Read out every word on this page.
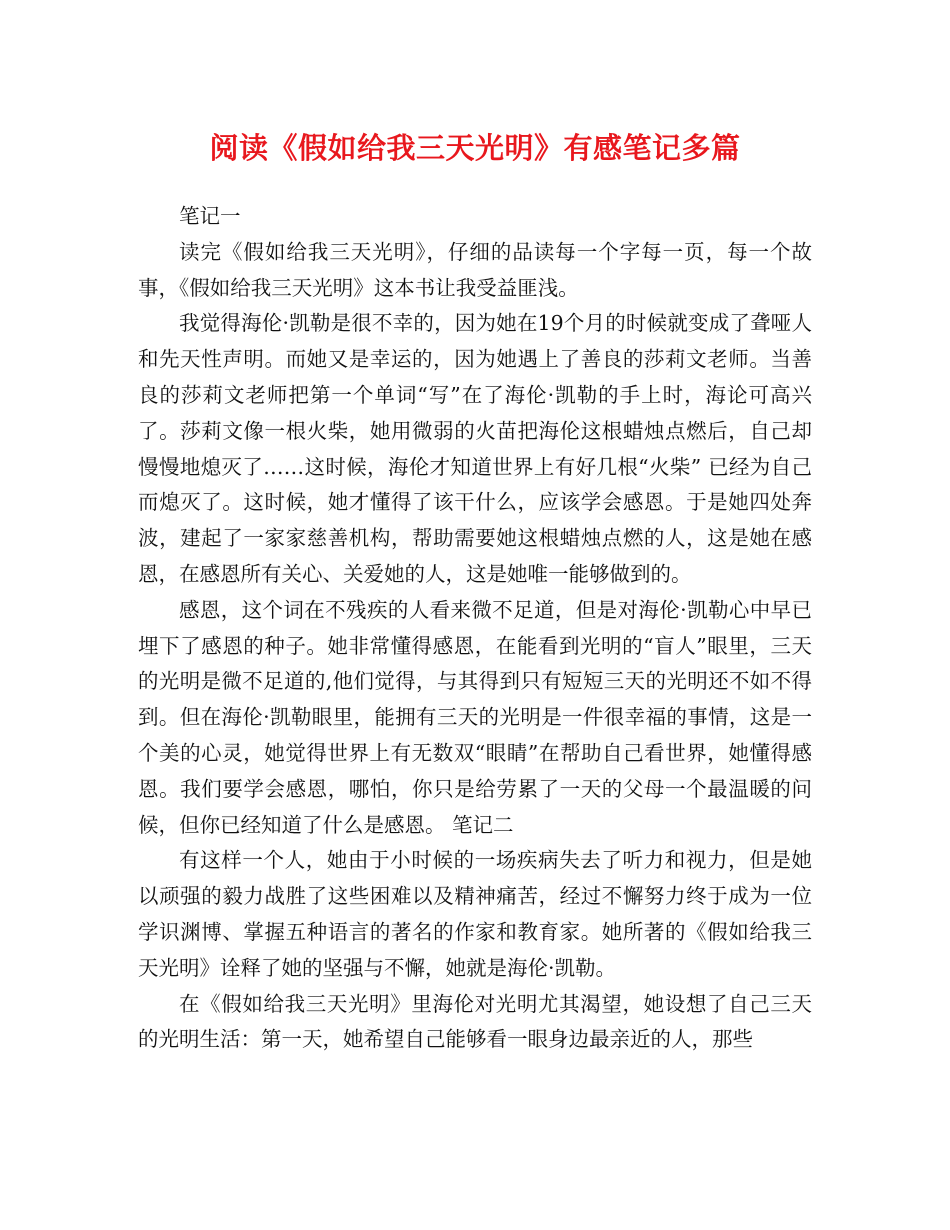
阅读《假如给我三天光明》有感笔记多篇

笔记一

读完《假如给我三天光明》，仔细的品读每一个字每一页，每一个故事，《假如给我三天光明》这本书让我受益匪浅。

我觉得海伦·凯勒是很不幸的，因为她在19个月的时候就变成了聋哑人和先天性声明。而她又是幸运的，因为她遇上了善良的莎莉文老师。当善良的莎莉文老师把第一个单词“写”在了海伦·凯勒的手上时，海论可高兴了。莎莉文像一根火柴，她用微弱的火苗把海伦这根蜡烛点燃后，自己却慢慢地熄灭了……这时候，海伦才知道世界上有好几根“火柴” 已经为自己而熄灭了。这时候，她才懂得了该干什么，应该学会感恩。于是她四处奔波，建起了一家家慈善机构，帮助需要她这根蜡烛点燃的人，这是她在感恩，在感恩所有关心、关爱她的人，这是她唯一能够做到的。

感恩，这个词在不残疾的人看来微不足道，但是对海伦·凯勒心中早已埋下了感恩的种子。她非常懂得感恩，在能看到光明的“盲人”眼里，三天的光明是微不足道的,他们觉得，与其得到只有短短三天的光明还不如不得到。但在海伦·凯勒眼里，能拥有三天的光明是一件很幸福的事情，这是一个美的心灵，她觉得世界上有无数双“眼睛”在帮助自己看世界，她懂得感恩。我们要学会感恩，哪怕，你只是给劳累了一天的父母一个最温暖的问候，但你已经知道了什么是感恩。 笔记二

有这样一个人，她由于小时候的一场疾病失去了听力和视力，但是她以顽强的毅力战胜了这些困难以及精神痛苦，经过不懈努力终于成为一位学识渊博、掌握五种语言的著名的作家和教育家。她所著的《假如给我三天光明》诠释了她的坚强与不懈，她就是海伦·凯勒。

在《假如给我三天光明》里海伦对光明尤其渴望，她设想了自己三天的光明生活：第一天，她希望自己能够看一眼身边最亲近的人，那些
